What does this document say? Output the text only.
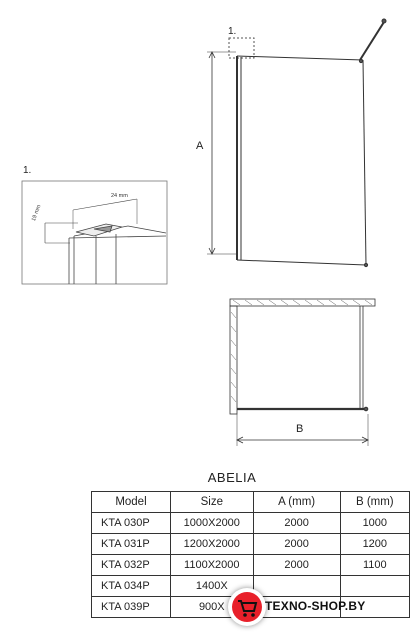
1.
1.
A
B
24 mm
19 mm
ABELIA
Model	Size	A (mm)	B (mm)
KTA 030P	1000X2000	2000	1000
KTA 031P	1200X2000	2000	1200
KTA 032P	1100X2000	2000	1100
KTA 034P	1400X		
KTA 039P	900X			TEXNO-SHOP.BY
